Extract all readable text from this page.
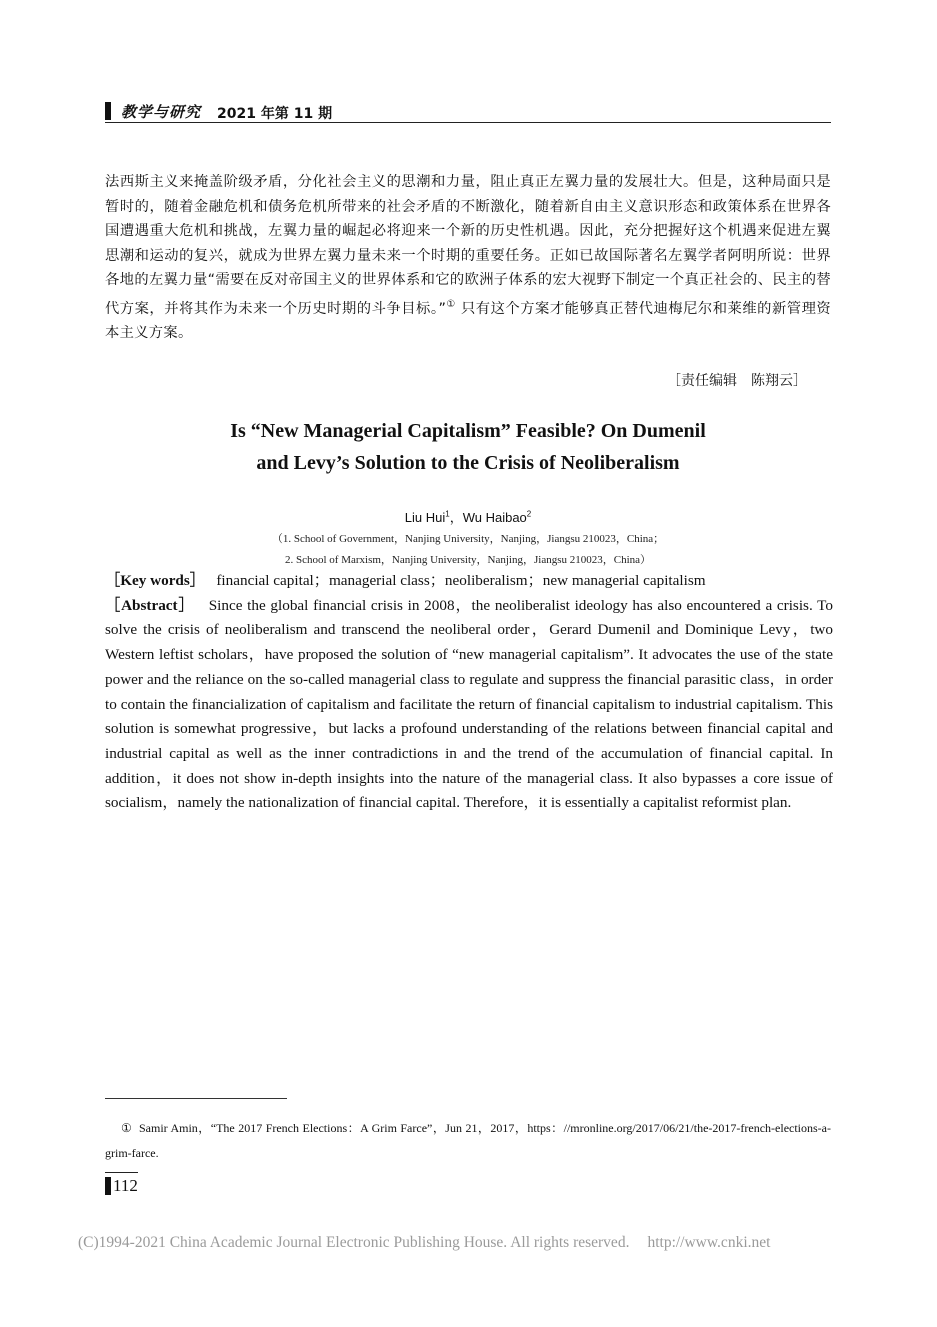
教学与研究 2021 年第 11 期

法西斯主义来掩盖阶级矛盾，分化社会主义的思潮和力量，阻止真正左翼力量的发展壮大。但是，这种局面只是暂时的，随着金融危机和债务危机所带来的社会矛盾的不断激化，随着新自由主义意识形态和政策体系在世界各国遭遇重大危机和挑战，左翼力量的崛起必将迎来一个新的历史性机遇。因此，充分把握好这个机遇来促进左翼思潮和运动的复兴，就成为世界左翼力量未来一个时期的重要任务。正如已故国际著名左翼学者阿明所说：世界各地的左翼力量“需要在反对帝国主义的世界体系和它的欧洲子体系的宏大视野下制定一个真正社会的、民主的替代方案，并将其作为未来一个历史时期的斗争目标。”① 只有这个方案才能够真正替代迪梅尼尔和莱维的新管理资本主义方案。

［责任编辑　陈翔云］
Is “New Managerial Capitalism” Feasible? On Dumenil
and Levy’s Solution to the Crisis of Neoliberalism
Liu Hui$^1$，Wu Haibao$^2$
（1. School of Government，Nanjing University，Nanjing，Jiangsu 210023，China；
2. School of Marxism，Nanjing University，Nanjing，Jiangsu 210023，China）

［Key words］ financial capital；managerial class；neoliberalism；new managerial capitalism

［Abstract］ Since the global financial crisis in 2008，the neoliberalist ideology has also encountered a crisis. To solve the crisis of neoliberalism and transcend the neoliberal order，Gerard Dumenil and Dominique Levy，two Western leftist scholars，have proposed the solution of “new managerial capitalism”. It advocates the use of the state power and the reliance on the so-called managerial class to regulate and suppress the financial parasitic class，in order to contain the financialization of capitalism and facilitate the return of financial capitalism to industrial capitalism. This solution is somewhat progressive，but lacks a profound understanding of the relations between financial capital and industrial capital as well as the inner contradictions in and the trend of the accumulation of financial capital. In addition，it does not show in-depth insights into the nature of the managerial class. It also bypasses a core issue of socialism，namely the nationalization of financial capital. Therefore，it is essentially a capitalist reformist plan.

① Samir Amin，“The 2017 French Elections：A Grim Farce”，Jun 21，2017，https：//mronline.org/2017/06/21/the-2017-french-elections-a-grim-farce.
112
(C)1994-2021 China Academic Journal Electronic Publishing House. All rights reserved. http://www.cnki.net
